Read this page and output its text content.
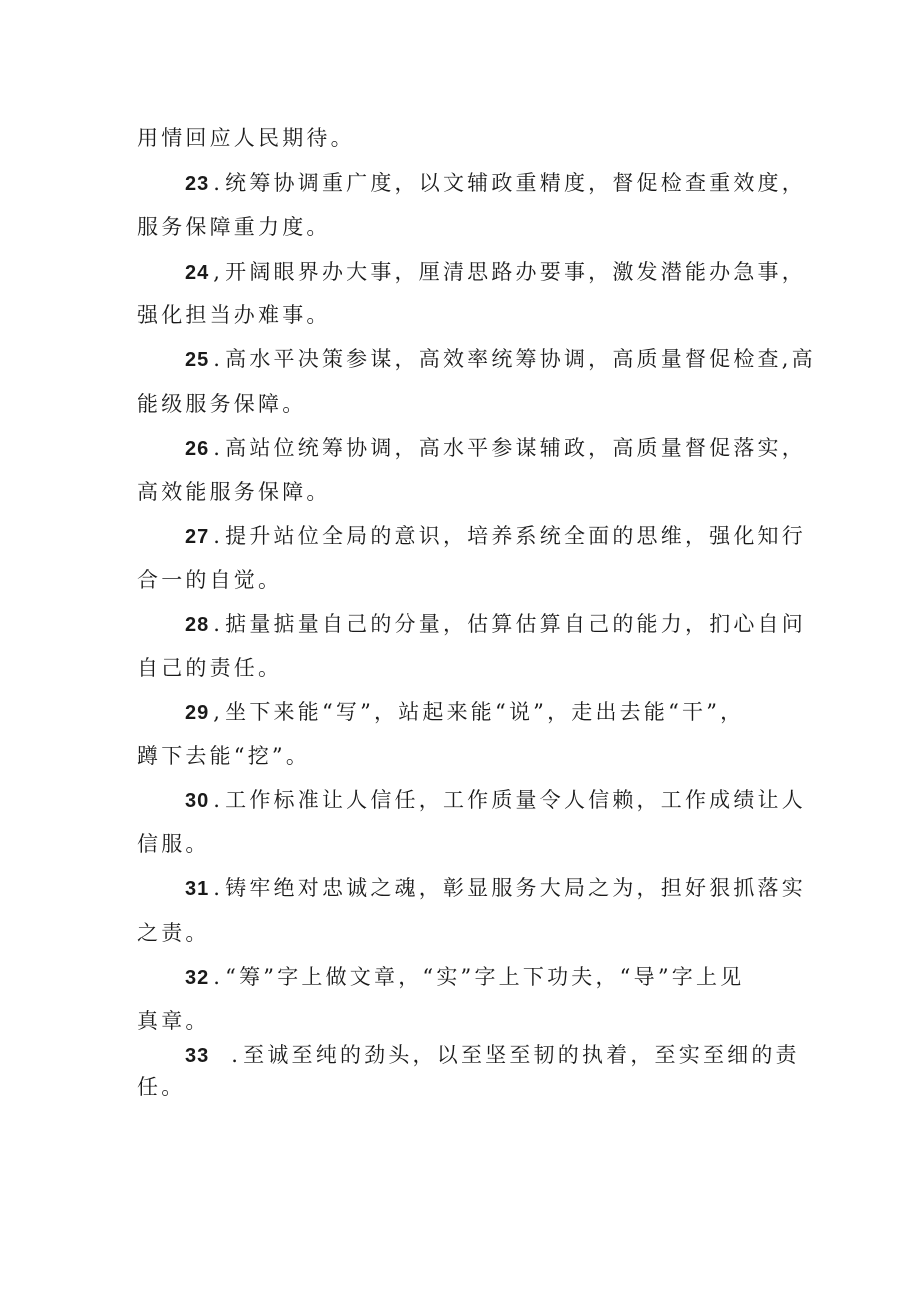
用情回应人民期待。
23 .统筹协调重广度，以文辅政重精度，督促检查重效度，
服务保障重力度。
24 ,开阔眼界办大事，厘清思路办要事，激发潜能办急事，
强化担当办难事。
25 .高水平决策参谋，高效率统筹协调，高质量督促检查,高
能级服务保障。
26 .高站位统筹协调，高水平参谋辅政，高质量督促落实，
高效能服务保障。
27 .提升站位全局的意识，培养系统全面的思维，强化知行
合一的自觉。
28 .掂量掂量自己的分量，估算估算自己的能力，扪心自问
自己的责任。
29 ,坐下来能“写”，站起来能“说”，走出去能“干”，
蹲下去能“挖”。
30 .工作标准让人信任，工作质量令人信赖，工作成绩让人
信服。
31 .铸牢绝对忠诚之魂，彰显服务大局之为，担好狠抓落实
之责。
32 .“筹”字上做文章，“实”字上下功夫，“导”字上见
真章。
33 .至诚至纯的劲头，以至坚至韧的执着，至实至细的责
任。
